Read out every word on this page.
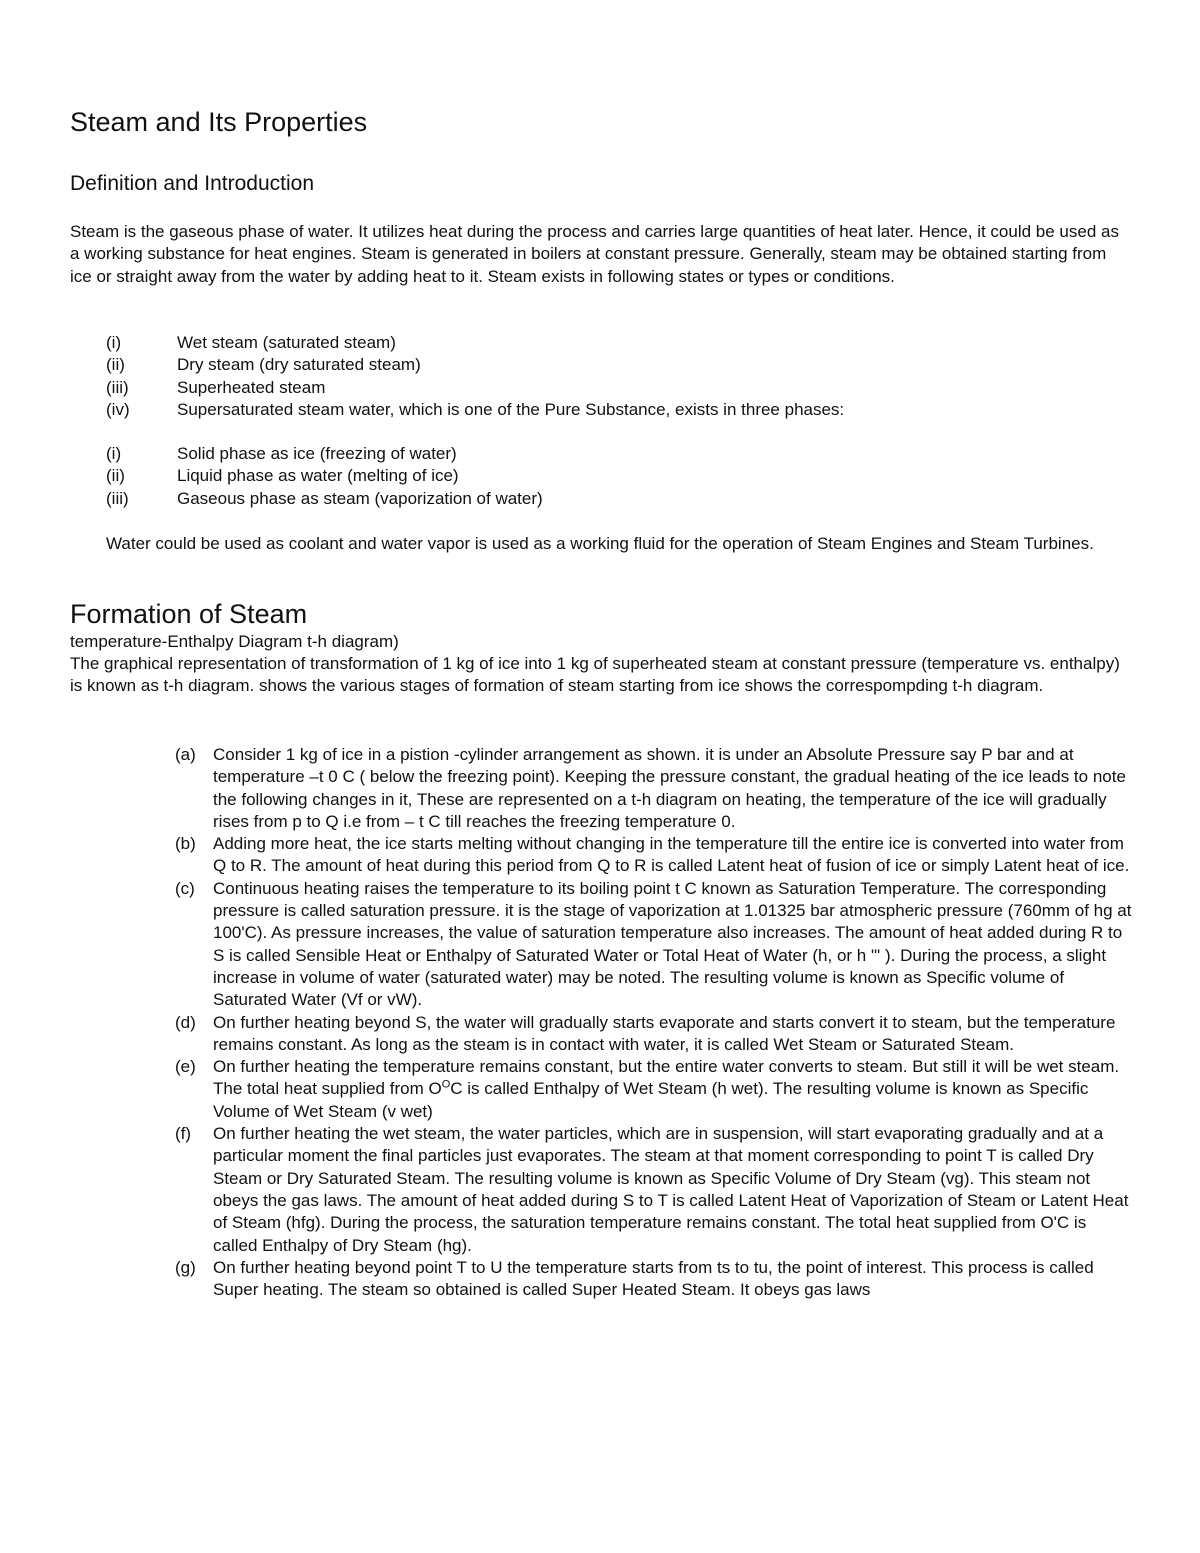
Steam and Its Properties
Definition and Introduction

Steam is the gaseous phase of water. It utilizes heat during the process and carries large quantities of heat later. Hence, it could be used as a working substance for heat engines. Steam is generated in boilers at constant pressure. Generally, steam may be obtained starting from ice or straight away from the water by adding heat to it. Steam exists in following states or types or conditions.

(i)	Wet steam (saturated steam)
(ii)	Dry steam (dry saturated steam)
(iii)	Superheated steam
(iv)	Supersaturated steam water, which is one of the Pure Substance, exists in three phases:
(i)	Solid phase as ice (freezing of water)
(ii)	Liquid phase as water (melting of ice)
(iii)	Gaseous phase as steam (vaporization of water)

Water could be used as coolant and water vapor is used as a working fluid for the operation of Steam Engines and Steam Turbines.

Formation of Steam

temperature-Enthalpy Diagram t-h diagram)

The graphical representation of transformation of 1 kg of ice into 1 kg of superheated steam at constant pressure (temperature vs. enthalpy) is known as t-h diagram. shows the various stages of formation of steam starting from ice shows the correspompding t-h diagram.

(a)	Consider 1 kg of ice in a pistion -cylinder arrangement as shown. it is under an Absolute Pressure say P bar and at temperature –t 0 C ( below the freezing point). Keeping the pressure constant, the gradual heating of the ice leads to note the following changes in it, These are represented on a t-h diagram on heating, the temperature of the ice will gradually rises from p to Q i.e from – t C till reaches the freezing temperature 0.
(b)	Adding more heat, the ice starts melting without changing in the temperature till the entire ice is converted into water from Q to R. The amount of heat during this period from Q to R is called Latent heat of fusion of ice or simply Latent heat of ice.
(c)	Continuous heating raises the temperature to its boiling point t C known as Saturation Temperature. The corresponding pressure is called saturation pressure. it is the stage of vaporization at 1.01325 bar atmospheric pressure (760mm of hg at 100'C). As pressure increases, the value of saturation temperature also increases. The amount of heat added during R to S is called Sensible Heat or Enthalpy of Saturated Water or Total Heat of Water (h, or h "' ). During the process, a slight increase in volume of water (saturated water) may be noted. The resulting volume is known as Specific volume of Saturated Water (Vf or vW).
(d)	On further heating beyond S, the water will gradually starts evaporate and starts convert it to steam, but the temperature remains constant. As long as the steam is in contact with water, it is called Wet Steam or Saturated Steam.
(e)	On further heating the temperature remains constant, but the entire water converts to steam. But still it will be wet steam. The total heat supplied from $O^OC$ is called Enthalpy of Wet Steam (h wet). The resulting volume is known as Specific Volume of Wet Steam (v wet)
(f)	On further heating the wet steam, the water particles, which are in suspension, will start evaporating gradually and at a particular moment the final particles just evaporates. The steam at that moment corresponding to point T is called Dry Steam or Dry Saturated Steam. The resulting volume is known as Specific Volume of Dry Steam (vg). This steam not obeys the gas laws. The amount of heat added during S to T is called Latent Heat of Vaporization of Steam or Latent Heat of Steam (hfg). During the process, the saturation temperature remains constant. The total heat supplied from O'C is called Enthalpy of Dry Steam (hg).
(g)	On further heating beyond point T to U the temperature starts from ts to tu, the point of interest. This process is called Super heating. The steam so obtained is called Super Heated Steam. It obeys gas laws
